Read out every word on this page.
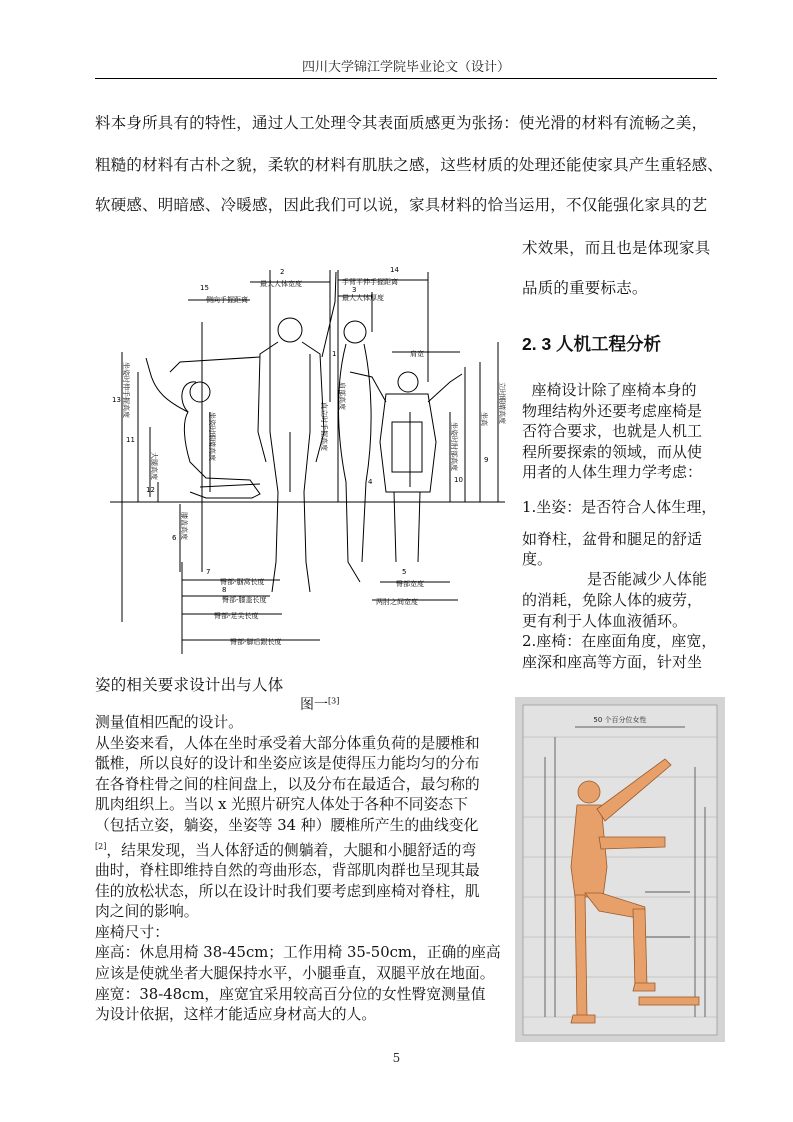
四川大学锦江学院毕业论文（设计）
料本身所具有的特性，通过人工处理令其表面质感更为张扬：使光滑的材料有流畅之美，
粗糙的材料有古朴之貌，柔软的材料有肌肤之感，这些材质的处理还能使家具产生重轻感、
软硬感、明暗感、冷暖感，因此我们可以说，家具材料的恰当运用，不仅能强化家具的艺
术效果，而且也是体现家具
品质的重要标志。
2. 3 人机工程分析
座椅设计除了座椅本身的
物理结构外还要考虑座椅是
否符合要求，也就是人机工
程所要探索的领域，而从使
用者的人体生理力学考虑：
1.坐姿：是否符合人体生理，
如脊柱，盆骨和腿足的舒适
度。
是否能减少人体能
的消耗，免除人体的疲劳，
更有利于人体血液循环。
2.座椅：在座面角度，座宽，
座深和座高等方面，针对坐
15
侧向手握距离
2
最大人体宽度
14
手臂平伸手握距离
3
最大人体厚度
肩宽
1
13
11
12
6
4	10
9
7
臀部-腘窝长度
8
臀部-膝盖长度
臀部-足尖长度
臀部-脚后跟长度
臀部宽度
5
两肘之间宽度
坐姿时伸手握高度
坐姿时眼睛高度
大腿高度
膝盖高度
直立时手握高度
肩部高度
坐姿时肘部高度
坐高 立时眼睛高度
姿的相关要求设计出与人体
图一[3]
50 个百分位女性
测量值相匹配的设计。
从坐姿来看，人体在坐时承受着大部分体重负荷的是腰椎和
骶椎，所以良好的设计和坐姿应该是使得压力能均匀的分布
在各脊柱骨之间的柱间盘上，以及分布在最适合，最匀称的
肌肉组织上。当以 x 光照片研究人体处于各种不同姿态下
（包括立姿，躺姿，坐姿等 34 种）腰椎所产生的曲线变化
[2]，结果发现，当人体舒适的侧躺着，大腿和小腿舒适的弯
曲时，脊柱即维持自然的弯曲形态，背部肌肉群也呈现其最
佳的放松状态，所以在设计时我们要考虑到座椅对脊柱，肌
肉之间的影响。
座椅尺寸：
座高：休息用椅 38-45cm；工作用椅 35-50cm，正确的座高
应该是使就坐者大腿保持水平，小腿垂直，双腿平放在地面。
座宽：38-48cm，座宽宜采用较高百分位的女性臀宽测量值
为设计依据，这样才能适应身材高大的人。
5
